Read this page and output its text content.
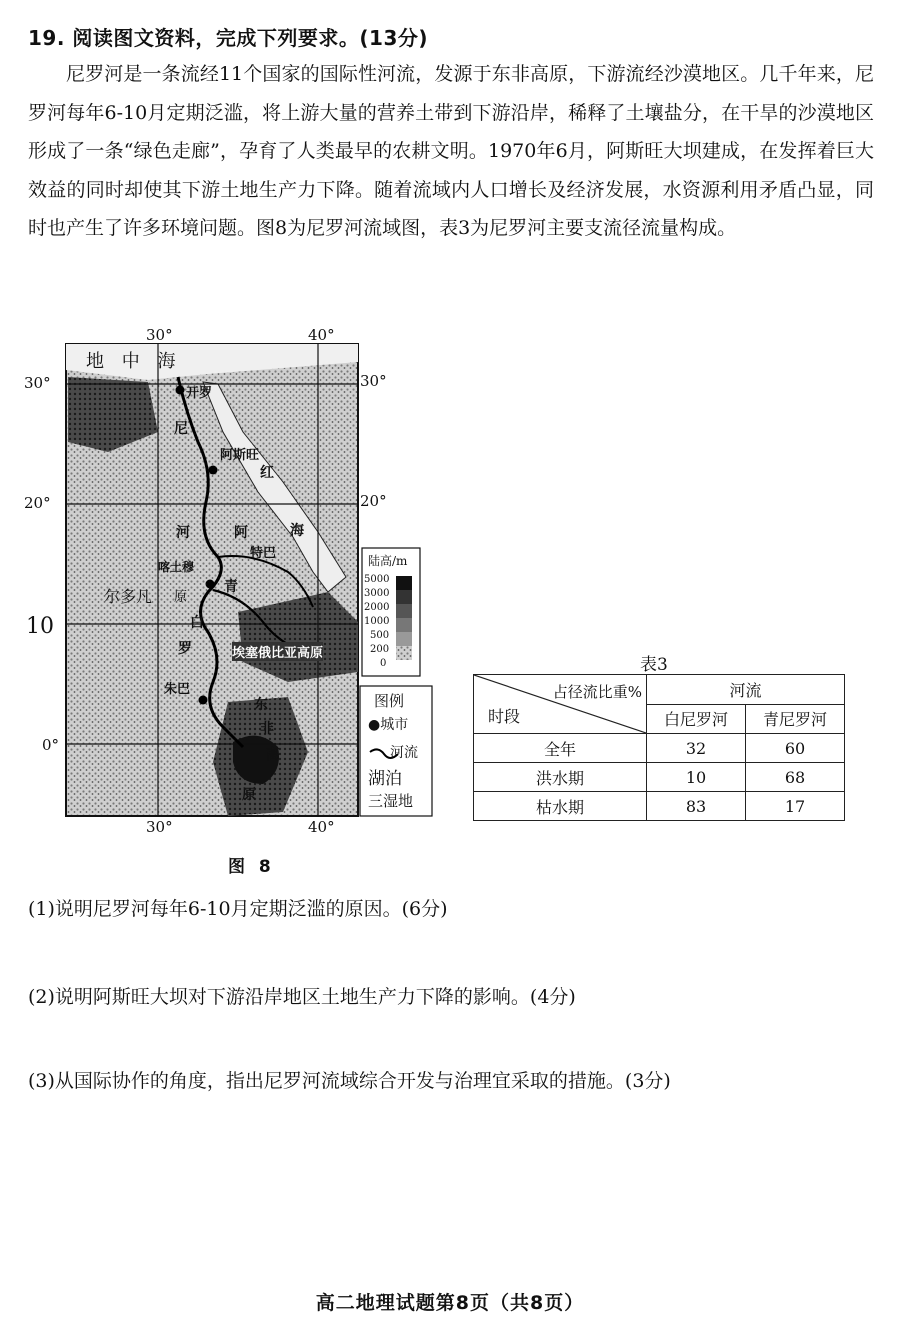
19. 阅读图文资料，完成下列要求。(13分)

尼罗河是一条流经11个国家的国际性河流，发源于东非高原，下游流经沙漠地区。几千年来，尼罗河每年6-10月定期泛滥，将上游大量的营养土带到下游沿岸，稀释了土壤盐分，在干旱的沙漠地区形成了一条“绿色走廊”，孕育了人类最早的农耕文明。1970年6月，阿斯旺大坝建成，在发挥着巨大效益的同时却使其下游土地生产力下降。随着流域内人口增长及经济发展，水资源利用矛盾凸显，同时也产生了许多环境问题。图8为尼罗河流域图，表3为尼罗河主要支流径流量构成。

30°	40°
30°	40°
30°	30°
20°	20°
10
0°
地 中 海
开罗
尼
阿斯旺
红
河	海
阿
特巴
喀土穆
青
尔多凡 原
白
罗	埃塞俄比亚高原
朱巴
东
非
高
原
陆高/m
5000
3000
2000
1000
500
200
0
图例
●城市
河流
湖泊
三湿地
图 8
表3
占径流比重%
时段	河流	
	白尼罗河	青尼罗河
全年	32	60
洪水期	10	68
枯水期	83	17

(1)说明尼罗河每年6-10月定期泛滥的原因。(6分)

(2)说明阿斯旺大坝对下游沿岸地区土地生产力下降的影响。(4分)

(3)从国际协作的角度，指出尼罗河流域综合开发与治理宜采取的措施。(3分)

高二地理试题第8页（共8页）
